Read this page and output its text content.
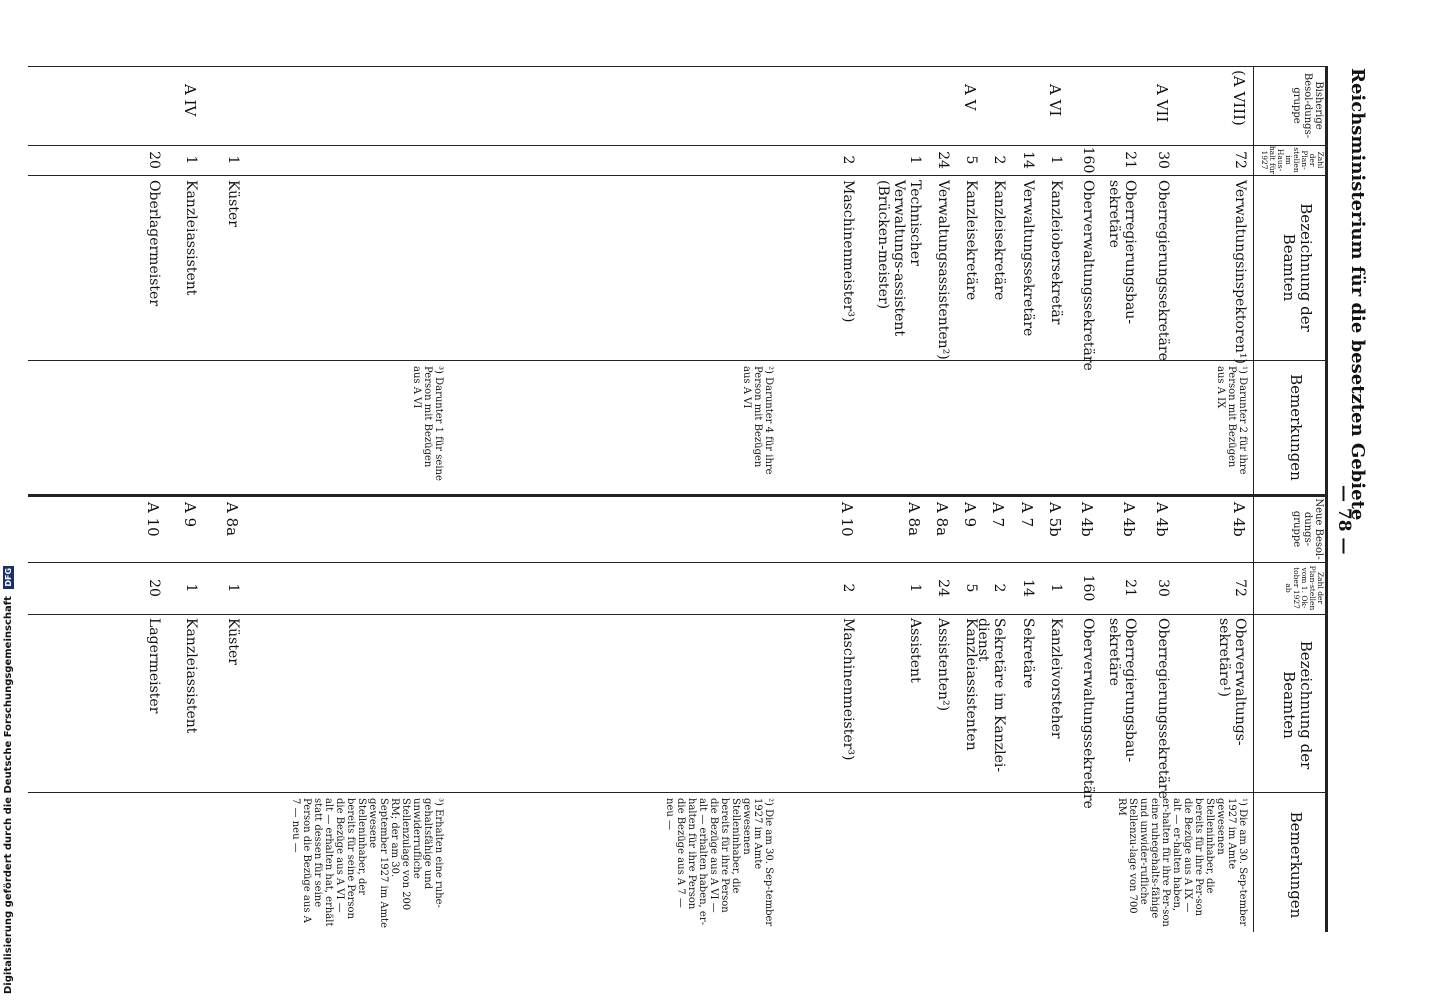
Digitalisierung gefördert durch die Deutsche Forschungsgemeinschaft DFG
Reichsministerium für die besetzten Gebiete
— 78 —
Bisherige Besol-dungs-gruppe
Zahl der Plan-stellen im Haus-halt für 1927
Bezeichnung der Beamten
Bemerkungen
Neue Besol-dungs-gruppe
Zahl der Plan-stellen vom 1. Ok-tober 1927 ab
Bezeichnung der Beamten
Bemerkungen
(A VIII)
72
Verwaltungsinspektoren¹)
A 4b
72
Oberverwaltungs-sekretäre¹)
A VII
30
Oberregierungssekretäre
A 4b
30
Oberregierungssekretäre
21
Oberregierungsbau-sekretäre
A 4b
21
Oberregierungsbau-sekretäre
160
Oberverwaltungssekretäre
A 4b
160
Oberverwaltungssekretäre
A VI
1
Kanzleiobersekretär
A 5b
1
Kanzleivorsteher
14
Verwaltungssekretäre
A 7
14
Sekretäre
2
Kanzleisekretäre
A 7
2
Sekretäre im Kanzlei-dienst
A V
5
Kanzleisekretäre
A 9
5
Kanzleiassistenten
24
Verwaltungsassistenten²)
A 8a
24
Assistenten²)
1
Technischer Verwaltungs-assistent (Brücken-meister)
A 8a
1
Assistent
2
Maschinenmeister³)
A 10
2
Maschinenmeister³)
1
Küster
A 8a
1
Küster
A IV
1
Kanzleiassistent
A 9
1
Kanzleiassistent
20
Oberlagermeister
A 10
20
Lagermeister
¹) Darunter 2 für ihre Person mit Bezügen aus A IX
²) Darunter 4 für ihre Person mit Bezügen aus A VI
³) Darunter 1 für seine Person mit Bezügen aus A VI
¹) Die am 30. Sep-tember 1927 im Amte gewesenen Stelleninhaber, die bereits für ihre Per-son die Bezüge aus A IX — alt — er-halten haben, er-halten für ihre Per-son eine ruhegehalts-fähige und unwider-rufliche Stellenzu-lage von 700 RM
²) Die am 30. Sep-tember 1927 im Amte gewesenen Stelleninhaber, die bereits für ihre Person die Bezüge aus A VI — alt — erhalten haben, er-halten für ihre Person die Bezüge aus A 7 — neu —
³) Erhalten eine ruhe-gehaltsfähige und unwiderrufliche Stellenzulage von 200 RM; der am 30. September 1927 im Amte gewesene Stelleninhaber, der bereits für seine Person die Bezüge aus A VI — alt — erhalten hat, erhält statt dessen für seine Person die Bezüge aus A 7 — neu —
